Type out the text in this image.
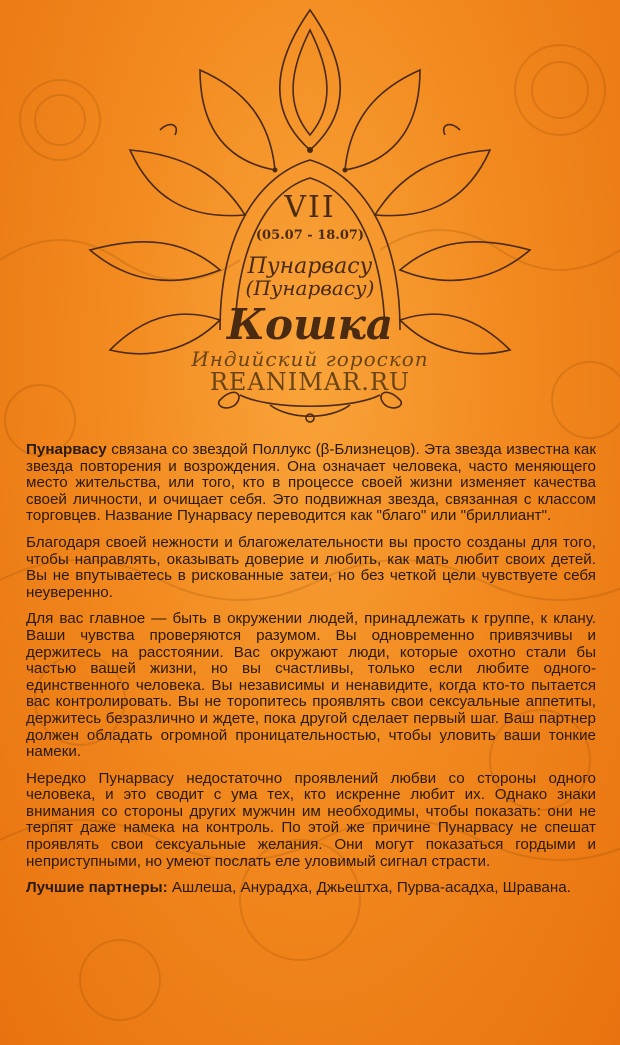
VII
(05.07 - 18.07)
Пунарвасу
(Пунарвасу)
Кошка
Индийский гороскоп
REANIMAR.RU

Пунарвасу связана со звездой Поллукс (β-Близнецов). Эта звезда известна как звезда повторения и возрождения. Она означает человека, часто меняющего место жительства, или того, кто в процессе своей жизни изменяет качества своей личности, и очищает себя. Это подвижная звезда, связанная с классом торговцев. Название Пунарвасу переводится как "благо" или "бриллиант".

Благодаря своей нежности и благожелательности вы просто созданы для того, чтобы направлять, оказывать доверие и любить, как мать любит своих детей. Вы не впутываетесь в рискованные затеи, но без четкой цели чувствуете себя неуверенно.

Для вас главное — быть в окружении людей, принадлежать к группе, к клану. Ваши чувства проверяются разумом. Вы одновременно привязчивы и держитесь на расстоянии. Вас окружают люди, которые охотно стали бы частью вашей жизни, но вы счастливы, только если любите одного-единственного человека. Вы независимы и ненавидите, когда кто-то пытается вас контролировать. Вы не торопитесь проявлять свои сексуальные аппетиты, держитесь безразлично и ждете, пока другой сделает первый шаг. Ваш партнер должен обладать огромной проницательностью, чтобы уловить ваши тонкие намеки.

Нередко Пунарвасу недостаточно проявлений любви со стороны одного человека, и это сводит с ума тех, кто искренне любит их. Однако знаки внимания со стороны других мужчин им необходимы, чтобы показать: они не терпят даже намека на контроль. По этой же причине Пунарвасу не спешат проявлять свои сексуальные желания. Они могут показаться гордыми и неприступными, но умеют послать еле уловимый сигнал страсти.

Лучшие партнеры: Ашлеша, Анурадха, Джьештха, Пурва-асадха, Шравана.
